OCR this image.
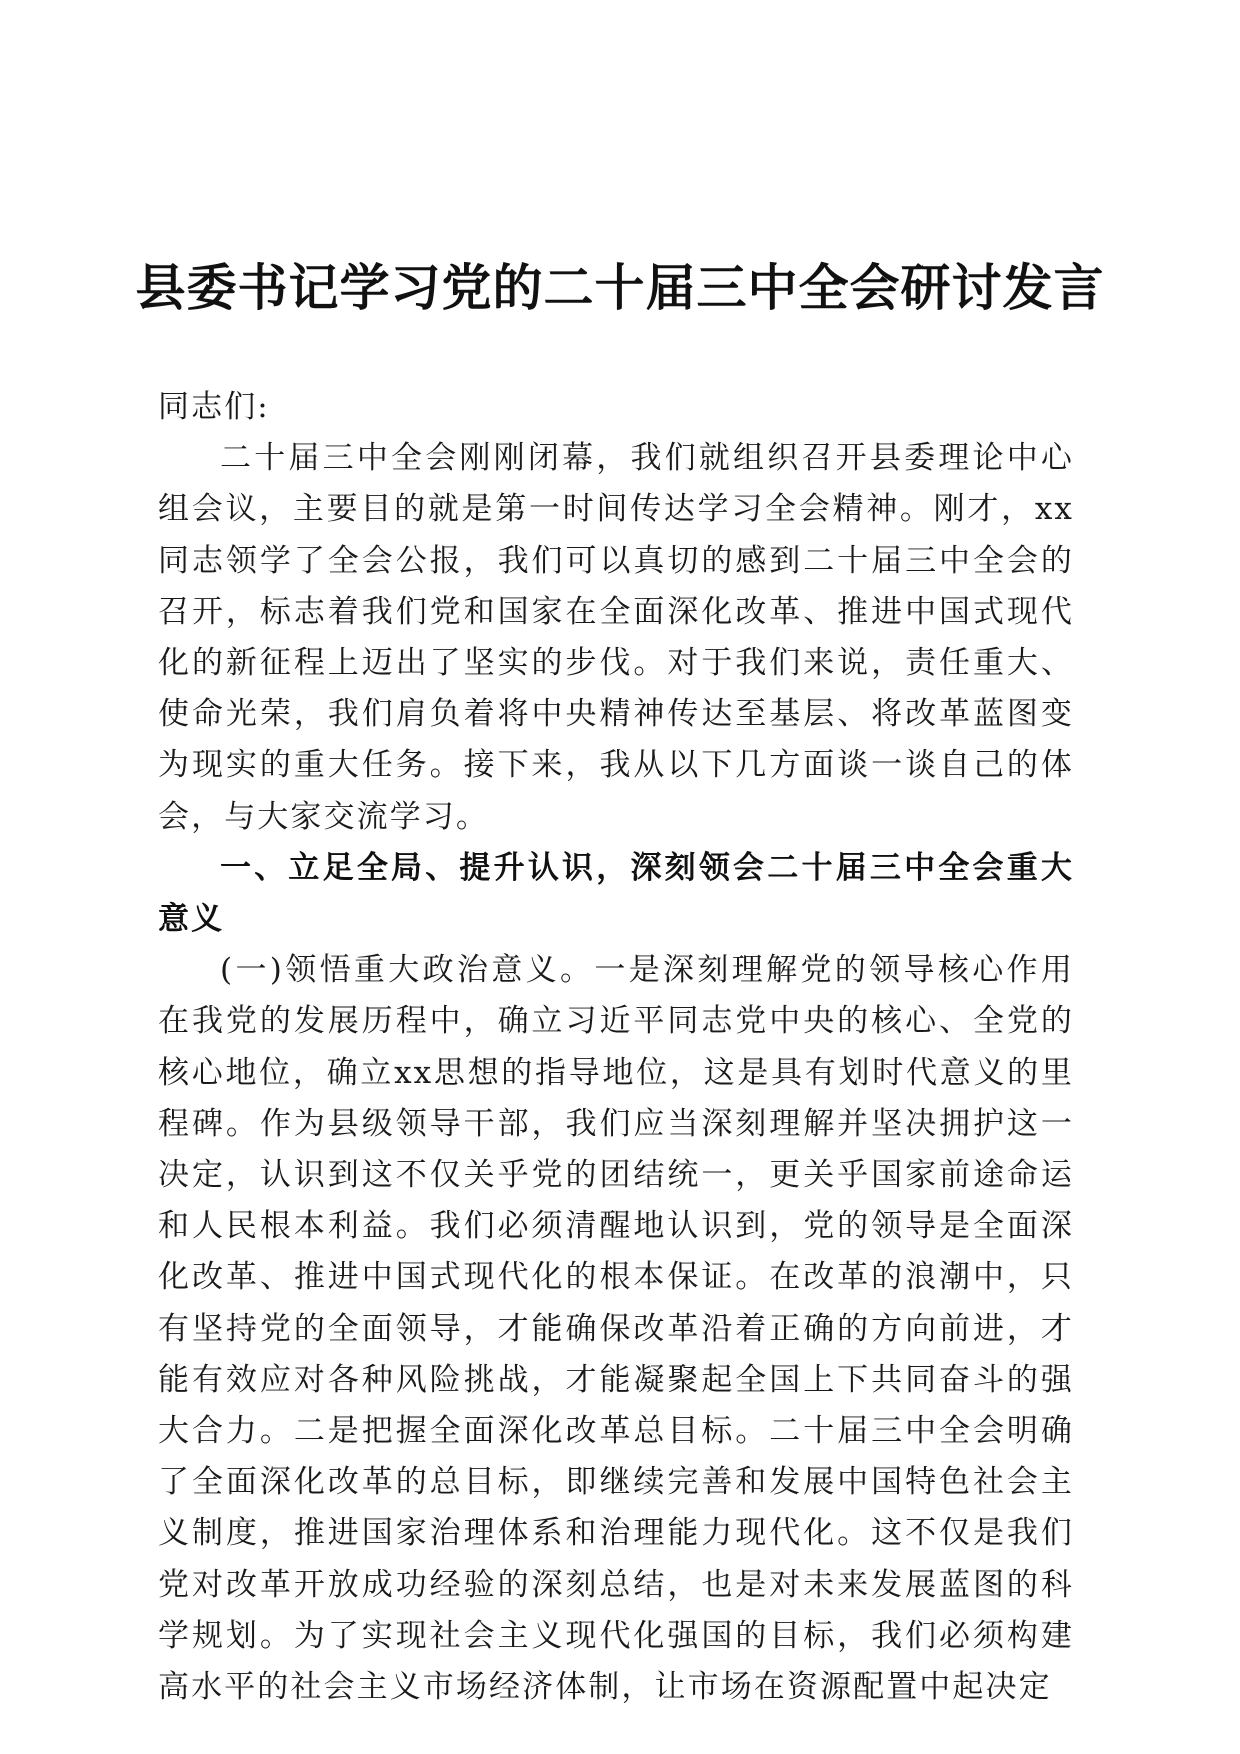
县委书记学习党的二十届三中全会研讨发言

同志们:

二十届三中全会刚刚闭幕，我们就组织召开县委理论中心组会议，主要目的就是第一时间传达学习全会精神。刚才，xx同志领学了全会公报，我们可以真切的感到二十届三中全会的召开，标志着我们党和国家在全面深化改革、推进中国式现代化的新征程上迈出了坚实的步伐。对于我们来说，责任重大、使命光荣，我们肩负着将中央精神传达至基层、将改革蓝图变为现实的重大任务。接下来，我从以下几方面谈一谈自己的体会，与大家交流学习。

一、立足全局、提升认识，深刻领会二十届三中全会重大意义

(一)领悟重大政治意义。一是深刻理解党的领导核心作用在我党的发展历程中，确立习近平同志党中央的核心、全党的核心地位，确立xx思想的指导地位，这是具有划时代意义的里程碑。作为县级领导干部，我们应当深刻理解并坚决拥护这一决定，认识到这不仅关乎党的团结统一，更关乎国家前途命运和人民根本利益。我们必须清醒地认识到，党的领导是全面深化改革、推进中国式现代化的根本保证。在改革的浪潮中，只有坚持党的全面领导，才能确保改革沿着正确的方向前进，才能有效应对各种风险挑战，才能凝聚起全国上下共同奋斗的强大合力。二是把握全面深化改革总目标。二十届三中全会明确了全面深化改革的总目标，即继续完善和发展中国特色社会主义制度，推进国家治理体系和治理能力现代化。这不仅是我们党对改革开放成功经验的深刻总结，也是对未来发展蓝图的科学规划。为了实现社会主义现代化强国的目标，我们必须构建高水平的社会主义市场经济体制，让市场在资源配置中起决定
